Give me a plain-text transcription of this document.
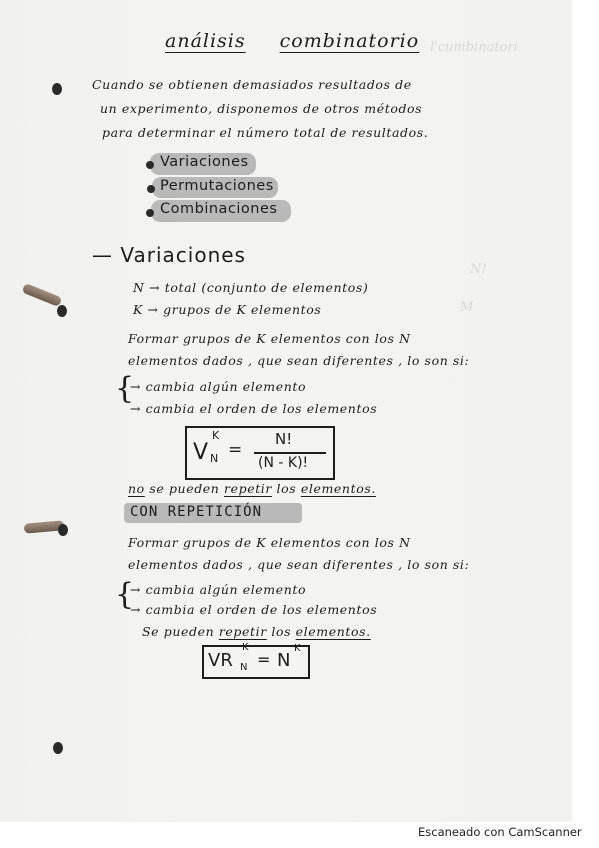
l'cumbinatori
N!
M
análisis combinatorio
Cuando se obtienen demasiados resultados de
un experimento, disponemos de otros métodos
para determinar el número total de resultados.
Variaciones
Permutaciones
Combinaciones
— Variaciones
N → total (conjunto de elementos)
K → grupos de K elementos
Formar grupos de K elementos con los N
elementos dados , que sean diferentes , lo son si:
{
→ cambia algún elemento
→ cambia el orden de los elementos
V
K
N =
N!
(N - K)!
no se pueden repetir los elementos.
CON REPETICIÓN
Formar grupos de K elementos con los N
elementos dados , que sean diferentes , lo son si:
{
→ cambia algún elemento
→ cambia el orden de los elementos
Se pueden repetir los elementos.
VR
K
N = N
K
Escaneado con CamScanner
